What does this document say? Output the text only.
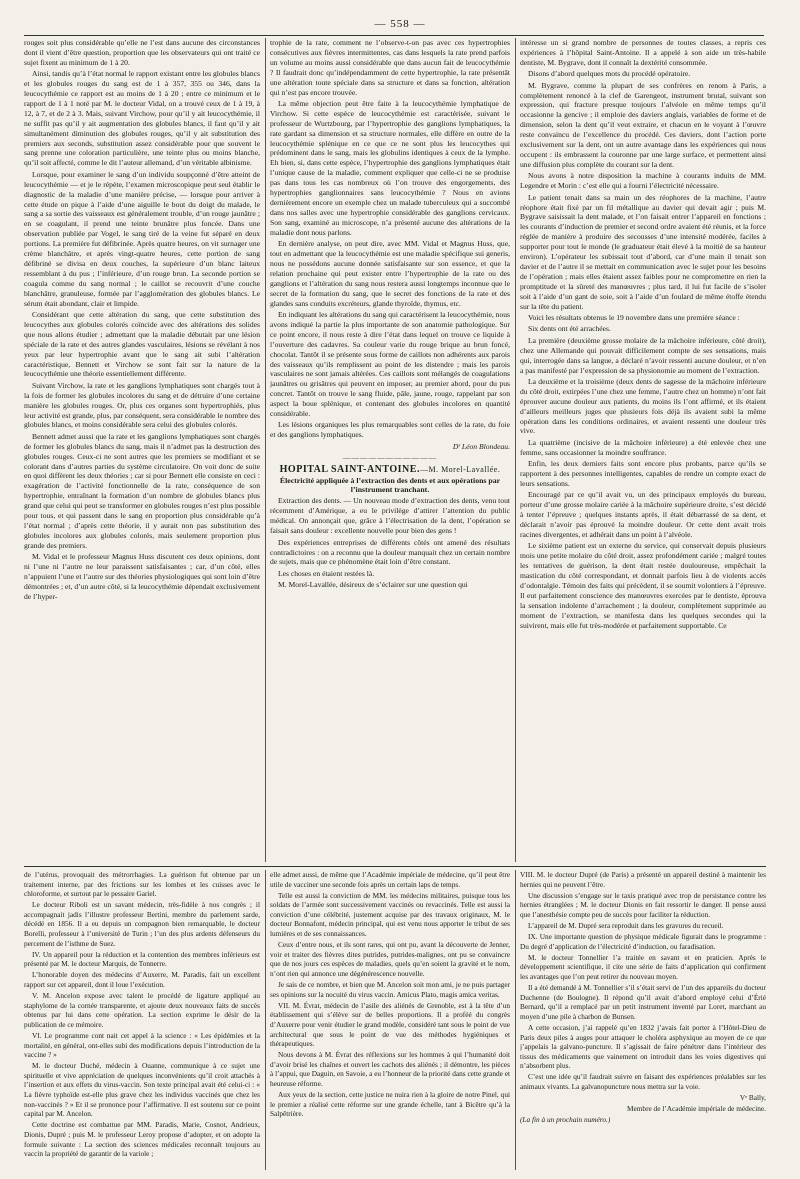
— 558 —

rouges soit plus considérable qu’elle ne l’est dans aucune des circonstances dont il vient d’être question, proportion que les observateurs qui ont traité ce sujet fixent au minimum de 1 à 20.

Ainsi, tandis qu’à l’état normal le rapport existant entre les globules blancs et les globules rouges du sang est de 1 à 357, 355 ou 346, dans la leucocythémie ce rapport est au moins de 1 à 20 ; entre ce minimum et le rapport de 1 à 1 noté par M. le docteur Vidal, on a trouvé ceux de 1 à 19, à 12, à 7, et de 2 à 3. Mais, suivant Virchow, pour qu’il y ait leucocythémie, il ne suffit pas qu’il y ait augmentation des globules blancs, il faut qu’il y ait simultanément diminution des globules rouges, qu’il y ait substitution des premiers aux seconds, substitution assez considérable pour que souvent le sang prenne une coloration particulière, une teinte plus ou moins blanche, qu’il soit affecté, comme le dit l’auteur allemand, d’un véritable albinisme.

Lorsque, pour examiner le sang d’un individu soupçonné d’être atteint de leucocythémie — et je le répète, l’examen microscopique peut seul établir le diagnostic de la maladie d’une manière précise, — lorsque pour arriver à cette étude on pique à l’aide d’une aiguille le bout du doigt du malade, le sang a sa sortie des vaisseaux est généralement trouble, d’un rouge jaunâtre ; en se coagulant, il prend une teinte brunâtre plus foncée. Dans une observation publiée par Vogel, le sang tiré de la veine fut séparé en deux portions. La première fut défibrinée. Après quatre heures, on vit surnager une crème blanchâtre, et après vingt-quatre heures, cette portion de sang défibriné se divisa en deux couches, la supérieure d’un blanc laiteux ressemblant à du pus ; l’inférieure, d’un rouge brun. La seconde portion se coagula comme du sang normal ; le caillot se recouvrit d’une couche blanchâtre, granuleuse, formée par l’agglomération des globules blancs. Le sérum était abondant, clair et limpide.

Considérant que cette altération du sang, que cette substitution des leucocythes aux globules colorés coïncide avec des altérations des solides que nous allons étudier ; admettant que la maladie débutait par une lésion spéciale de la rate et des autres glandes vasculaires, lésions se révélant à nos yeux par leur hypertrophie avant que le sang ait subi l’altération caractéristique, Bennett et Virchow se sont fait sur la nature de la leucocythémie une théorie essentiellement différente.

Suivant Virchow, la rate et les ganglions lymphatiques sont chargés tout à la fois de former les globules incolores du sang et de détruire d’une certaine manière les globules rouges. Or, plus ces organes sont hypertrophiés, plus leur activité est grande, plus, par conséquent, sera considérable le nombre des globules blancs, et moins considérable sera celui des globules colorés.

Bennett admet aussi que la rate et les ganglions lymphatiques sont chargés de former les globules blancs du sang, mais il n’admet pas la destruction des globules rouges. Ceux-ci ne sont autres que les premiers se modifiant et se colorant dans d’autres parties du système circulatoire. On voit donc de suite en quoi diffèrent les deux théories ; car si pour Bennett elle consiste en ceci : exagération de l’activité fonctionnelle de la rate, conséquence de son hypertrophie, entraînant la formation d’un nombre de globules blancs plus grand que celui qui peut se transformer en globules rouges n’est plus possible pour tous, et qui passent dans le sang en proportion plus considérable qu’à l’état normal ; d’après cette théorie, il y aurait non pas substitution des globules incolores aux globules colorés, mais seulement proportion plus grande des premiers.

M. Vidal et le professeur Magnus Huss discutent ces deux opinions, dont ni l’une ni l’autre ne leur paraissent satisfaisantes ; car, d’un côté, elles n’appuient l’une et l’autre sur des théories physiologiques qui sont loin d’être démontrées ; et, d’un autre côté, si la leucocythémie dépendait exclusivement de l’hyper-

trophie de la rate, comment ne l’observe-t-on pas avec ces hypertrophies consécutives aux fièvres intermittentes, cas dans lesquels la rate prend parfois un volume au moins aussi considérable que dans aucun fait de leucocythémie ? Il faudrait donc qu’indépendamment de cette hypertrophie, la rate présentât une altération toute spéciale dans sa structure et dans sa fonction, altération qui n’est pas encore trouvée.

La même objection peut être faite à la leucocythémie lymphatique de Virchow. Si cette espèce de leucocythémie est caractérisée, suivant le professeur de Wurtzbourg, par l’hypertrophie des ganglions lymphatiques, la rate gardant sa dimension et sa structure normales, elle diffère en outre de la leucocythémie splénique en ce que ce ne sont plus les leucocythes qui prédominent dans le sang, mais les globulins identiques à ceux de la lymphe. Eh bien, si, dans cette espèce, l’hypertrophie des ganglions lymphatiques était l’unique cause de la maladie, comment expliquer que celle-ci ne se produise pas dans tous les cas nombreux où l’on trouve des engorgements, des hypertrophies ganglionnaires sans leucocythémie ? Nous en avions dernièrement encore un exemple chez un malade tuberculeux qui a succombé dans nos salles avec une hypertrophie considérable des ganglions cervicaux. Son sang, examiné au microscope, n’a présenté aucune des altérations de la maladie dont nous parlons.

En dernière analyse, on peut dire, avec MM. Vidal et Magnus Huss, que, tout en admettant que la leucocythémie est une maladie spécifique sui generis, nous ne possédons aucune donnée satisfaisante sur son essence, et que la relation prochaine qui peut exister entre l’hypertrophie de la rate ou des ganglions et l’altération du sang nous restera aussi longtemps inconnue que le secret de la formation du sang, que le secret des fonctions de la rate et des glandes sans conduits excréteurs, glande thyroïde, thymus, etc.

En indiquant les altérations du sang qui caractérisent la leucocythémie, nous avons indiqué la partie la plus importante de son anatomie pathologique. Sur ce point encore, il nous reste à dire l’état dans lequel on trouve ce liquide à l’ouverture des cadavres. Sa couleur varie du rouge brique au brun foncé, chocolat. Tantôt il se présente sous forme de caillots non adhérents aux parois des vaisseaux qu’ils remplissent au point de les distendre ; mais les parois vasculaires ne sont jamais altérées. Ces caillots sont mélangés de coagulations jaunâtres ou grisâtres qui peuvent en imposer, au premier abord, pour du pus concret. Tantôt on trouve le sang fluide, pâle, jaune, rouge, rappelant par son aspect la boue splénique, et contenant des globules incolores en quantité considérable.

Les lésions organiques les plus remarquables sont celles de la rate, du foie et des ganglions lymphatiques.

Dʳ Léon Blondeau.

———————————

HOPITAL SAINT-ANTOINE.—M. Morel-Lavallée.

Électricité appliquée à l’extraction des dents et aux opérations par l’instrument tranchant.

Extraction des dents. — Un nouveau mode d’extraction des dents, venu tout récemment d’Amérique, a eu le privilège d’attirer l’attention du public médical. On annonçait que, grâce à l’électrisation de la dent, l’opération se faisait sans douleur : excellente nouvelle pour bien des gens !

Des expériences entreprises de différents côtés ont amené des résultats contradictoires : on a reconnu que la douleur manquait chez un certain nombre de sujets, mais que ce phénomène était loin d’être constant.

Les choses en étaient restées là.

M. Morel-Lavallée, désireux de s’éclairer sur une question qui

intéresse un si grand nombre de personnes de toutes classes, a repris ces expériences à l’hôpital Saint-Antoine. Il a appelé à son aide un très-habile dentiste, M. Bygrave, dont il connaît la dextérité consommée.

Disons d’abord quelques mots du procédé opératoire.

M. Bygrave, comme la plupart de ses confrères en renom à Paris, a complètement renoncé à la clef de Garengeot, instrument brutal, suivant son expression, qui fracture presque toujours l’alvéole en même temps qu’il occasionne la gencive ; il emploie des daviers anglais, variables de forme et de dimension, selon la dent qu’il veut extraire, et chacun en le voyant à l’œuvre reste convaincu de l’excellence du procédé. Ces daviers, dont l’action porte exclusivement sur la dent, ont un autre avantage dans les expériences qui nous occupent : ils embrassent la couronne par une large surface, et permettent ainsi une diffusion plus complète du courant sur la dent.

Nous avons à notre disposition la machine à courants induits de MM. Legendre et Morin : c’est elle qui a fourni l’électricité nécessaire.

Le patient tenait dans sa main un des réophores de la machine, l’autre réophore était fixé par un fil métallique au davier qui devait agir ; puis M. Bygrave saisissait la dent malade, et l’on faisait entrer l’appareil en fonctions ; les courants d’induction de premier et second ordre avaient été réunis, et la force réglée de manière à produire des secousses d’une intensité modérée, faciles à supporter pour tout le monde (le graduateur était élevé à la moitié de sa hauteur environ). L’opérateur les subissait tout d’abord, car d’une main il tenait son davier et de l’autre il se mettait en communication avec le sujet pour les besoins de l’opération ; mais elles étaient assez faibles pour ne compromettre en rien la promptitude et la sûreté des manœuvres ; plus tard, il lui fut facile de s’isoler soit à l’aide d’un gant de soie, soit à l’aide d’un foulard de même étoffe étendu sur la tête du patient.

Voici les résultats obtenus le 19 novembre dans une première séance :

Six dents ont été arrachées.

La première (deuxième grosse molaire de la mâchoire inférieure, côté droit), chez une Allemande qui pouvait difficilement compte de ses sensations, mais qui, interrogée dans sa langue, a déclaré n’avoir ressenti aucune douleur, et n’en a pas manifesté par l’expression de sa physionomie au moment de l’extraction.

La deuxième et la troisième (deux dents de sagesse de la mâchoire inférieure du côté droit, extirpées l’une chez une femme, l’autre chez un homme) n’ont fait éprouver aucune douleur aux patients, du moins ils l’ont affirmé, et ils étaient d’ailleurs meilleurs juges que plusieurs fois déjà ils avaient subi la même opération dans les conditions ordinaires, et avaient ressenti une douleur très vive.

La quatrième (incisive de la mâchoire inférieure) a été enlevée chez une femme, sans occasionner la moindre souffrance.

Enfin, les deux derniers faits sont encore plus probants, parce qu’ils se rapportent à des personnes intelligentes, capables de rendre un compte exact de leurs sensations.

Encouragé par ce qu’il avait vu, un des principaux employés du bureau, porteur d’une grosse molaire cariée à la mâchoire supérieure droite, s’est décidé à tenter l’épreuve ; quelques instants après, il était débarrassé de sa dent, et déclarait n’avoir pas éprouvé la moindre douleur. Or cette dent avait trois racines divergentes, et adhérait dans un point à l’alvéole.

Le sixième patient est un externe du service, qui conservait depuis plusieurs mois une petite molaire du côté droit, assez profondément cariée ; malgré toutes les tentatives de guérison, la dent était restée douloureuse, empêchait la mastication du côté correspondant, et donnait parfois lieu à de violents accès d’odontalgie. Témoin des faits qui précèdent, il se soumit volontiers à l’épreuve. Il eut parfaitement conscience des manœuvres exercées par le dentiste, éprouva la sensation indolente d’arrachement ; la douleur, complètement supprimée au moment de l’extraction, se manifesta dans les quelques secondes qui la suivirent, mais elle fut très-modérée et parfaitement supportable. Ce

de l’utérus, provoquait des métrorrhagies. La guérison fut obtenue par un traitement interne, par des frictions sur les lombes et les cuisses avec le chloroforme, et surtout par le pessaire Gariel.

Le docteur Riboli est un savant médecin, très-fidèle à nos congrès ; il accompagnait jadis l’illustre professeur Bertini, membre du parlement sarde, décédé en 1856. Il a eu depuis un compagnon bien remarquable, le docteur Borelli, professeur à l’université de Turin ; l’un des plus ardents défenseurs du percement de l’isthme de Suez.

IV. Un appareil pour la réduction et la contention des membres inférieurs est présenté par M. le docteur Marquis, de Tonnerre.

L’honorable doyen des médecins d’Auxerre, M. Paradis, fait un excellent rapport sur cet appareil, dont il loue l’exécution.

V. M. Ancelon expose avec talent le procédé de ligature appliqué au staphylome de la cornée transparente, et ajoute deux nouveaux faits de succès obtenus par lui dans cette opération. La section exprime le désir de la publication de ce mémoire.

VI. Le programme cont nait cet appel à la science : « Les épidémies et la mortalité, en général, ont-elles subi des modifications depuis l’introduction de la vaccine ? »

M. le docteur Duché, médecin à Ouanne, communique à ce sujet une spirituelle et vive appréciation de quelques inconvénients qu’il croit attachés à l’insertion et aux effets du virus-vaccin. Son texte principal avait été celui-ci : « La fièvre typhoïde est-elle plus grave chez les individus vaccinés que chez les non-vaccinés ? » Et il se prononce pour l’affirmative. Il est soutenu sur ce point capital par M. Ancelon.

Cette doctrine est combattue par MM. Paradis, Marie, Cosnot, Andrieux, Dionis, Dupré ; puis M. le professeur Leroy propose d’adopter, et on adopte la formule suivante : La section des sciences médicales reconnaît toujours au vaccin la propriété de garantir de la variole ;

elle admet aussi, de même que l’Académie impériale de médecine, qu’il peut être utile de vacciner une seconde fois après un certain laps de temps.

Telle est aussi la conviction de MM. les médecins militaires, puisque tous les soldats de l’armée sont successivement vaccinés ou revaccinés. Telle est aussi la conviction d’une célébrité, justement acquise par des travaux originaux, M. le docteur Bonnafont, médecin principal, qui est venu nous apporter le tribut de ses lumières et de ses connaissances.

Ceux d’entre nous, et ils sont rares, qui ont pu, avant la découverte de Jenner, voir et traiter des fièvres dites putrides, putrides-malignes, ont pu se convaincre que de nos jours ces espèces de maladies, quels qu’en soient la gravité et le nom, n’ont rien qui annonce une dégénérescence nouvelle.

Je sais de ce nombre, et bien que M. Ancelon soit mon ami, je ne puis partager ses opinions sur la nocuité du virus vaccin. Amicus Plato, magis amica veritas.

VII. M. Évrat, médecin de l’asile des aliénés de Grenoble, est à la tête d’un établissement qui s’élève sur de belles proportions. Il a proféé du congrès d’Auxerre pour venir étudier le grand modèle, considéré tant sous le point de vue architectural que sous le point de vue des méthodes hygiéniques et thérapeutiques.

Nous devons à M. Évrat des réflexions sur les hommes à qui l’humanité doit d’avoir brisé les chaînes et ouvert les cachots des aliénés ; il démontre, les pièces à l’appui, que Daguin, en Savoie, a eu l’honneur de la priorité dans cette grande et heureuse réforme.

Aux yeux de la section, cette justice ne nuira rien à la gloire de notre Pinel, qui le premier a réalisé cette réforme sur une grande échelle, tant à Bicêtre qu’à la Salpêtrière.

VIII. M. le docteur Dupré (de Paris) a présenté un appareil destiné à maintenir les hernies qui ne peuvent l’être.

Une discussion s’engage sur le taxis pratiqué avec trop de persistance contre les hernies étranglées ; M. le docteur Dionis en fait ressortir le danger. Il pense aussi que l’anesthésie compte peu de succès pour faciliter la réduction.

L’appareil de M. Dupré sera reproduit dans les gravures du recueil.

IX. Une importante question de physique médicale figurait dans le programme : Du degré d’application de l’électricité d’induction, ou faradisation.

M. le docteur Tonnellier l’a traitée en savant et en praticien. Après le développement scientifique, il cite une série de faits d’application qui confirment les avantages que l’on peut retirer du nouveau moyen.

Il a été demandé à M. Tonnellier s’il s’était servi de l’un des appareils du docteur Duchenne (de Boulogne). Il répond qu’il avait d’abord employé celui d’Érié Bernard, qu’il a remplacé par un petit instrument inventé par Loret, marchant au moyen d’une pile à charbon de Bunsen.

A cette occasion, j’ai rappelé qu’en 1832 j’avais fait porter à l’Hôtel-Dieu de Paris deux piles à auges pour attaquer le choléra asphyxique au moyen de ce que j’appelais la galvano-puncture. Il s’agissait de faire pénétrer dans l’intérieur des tissus des médicaments que vainement on introduit dans les voies digestives qui n’absorbent plus.

C’est une idée qu’il faudrait suivre en faisant des expériences préalables sur les animaux vivants. La galvanopuncture nous mettra sur la voie.

Vᵉ Bally,

Membre de l’Académie impériale de médecine.

(La fin à un prochain numéro.)
